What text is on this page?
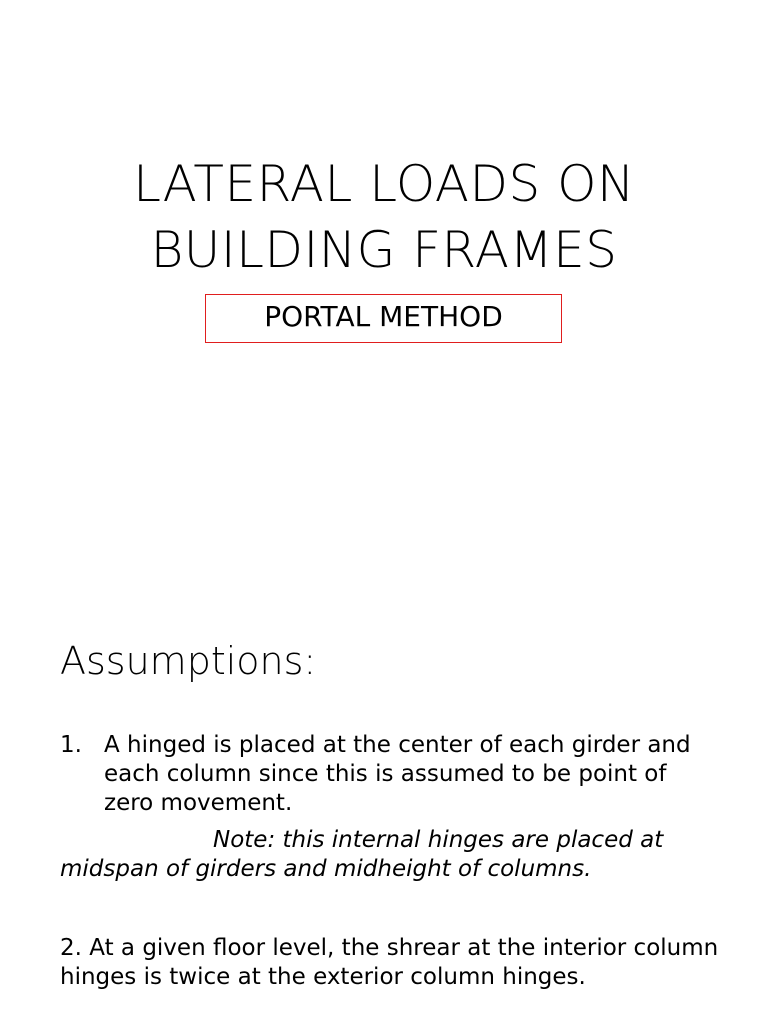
LATERAL LOADS ON
BUILDING FRAMES
PORTAL METHOD
Assumptions:
1. A hinged is placed at the center of each girder and each column since this is assumed to be point of zero movement.
Note: this internal hinges are placed at midspan of girders and midheight of columns.
2. At a given floor level, the shrear at the interior column hinges is twice at the exterior column hinges.
